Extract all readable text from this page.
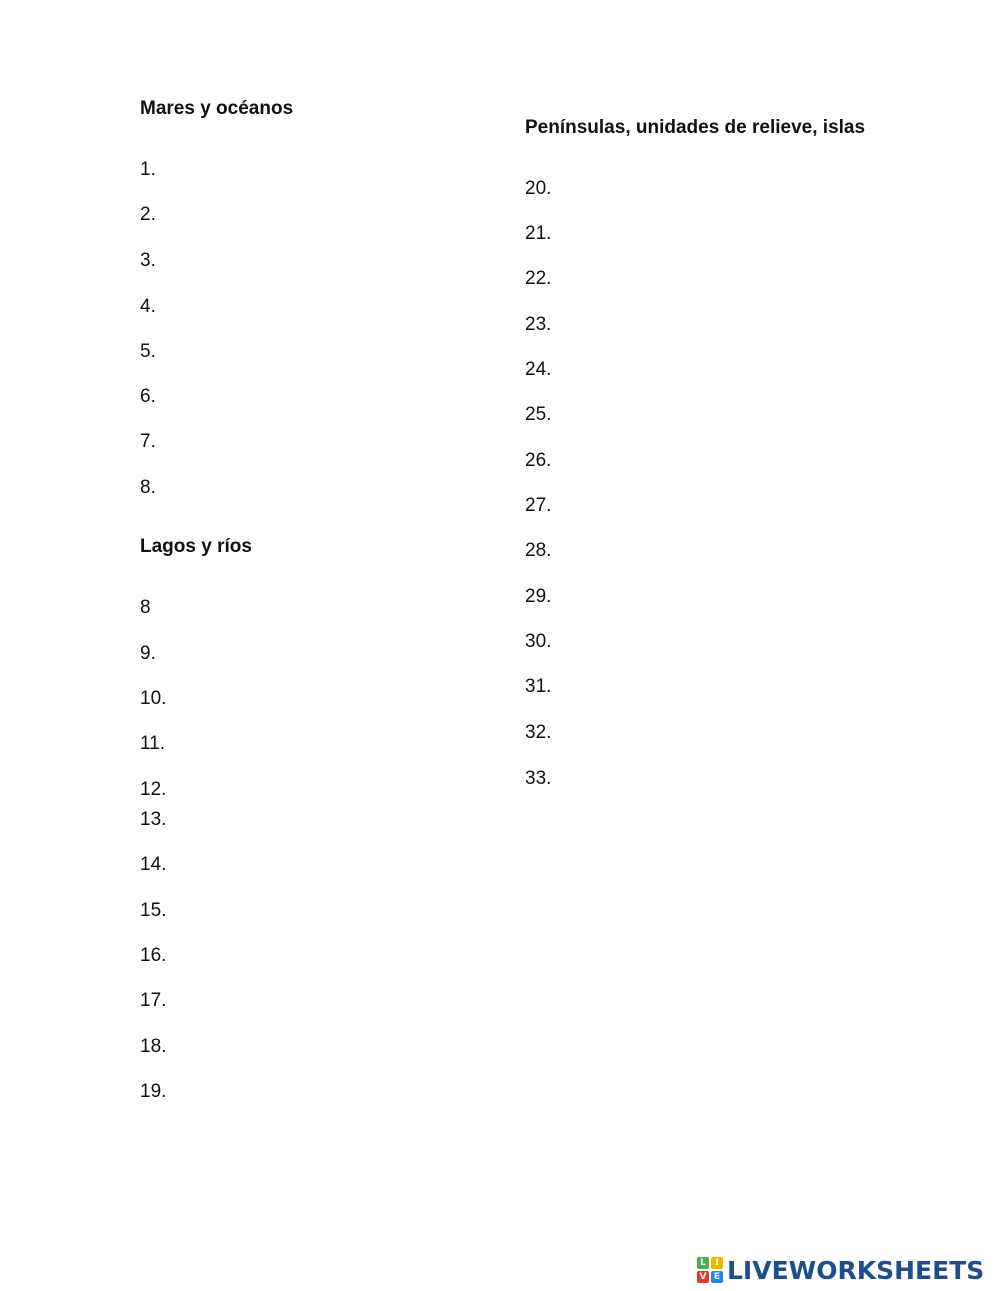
Mares y océanos
1.
2.
3.
4.
5.
6.
7.
8.
Lagos y ríos
8
9.
10.
11.
12.
13.
14.
15.
16.
17.
18.
19.
Penínsulas, unidades de relieve, islas
20.
21.
22.
23.
24.
25.
26.
27.
28.
29.
30.
31.
32.
33.
L	I
V E LIVEWORKSHEETS
